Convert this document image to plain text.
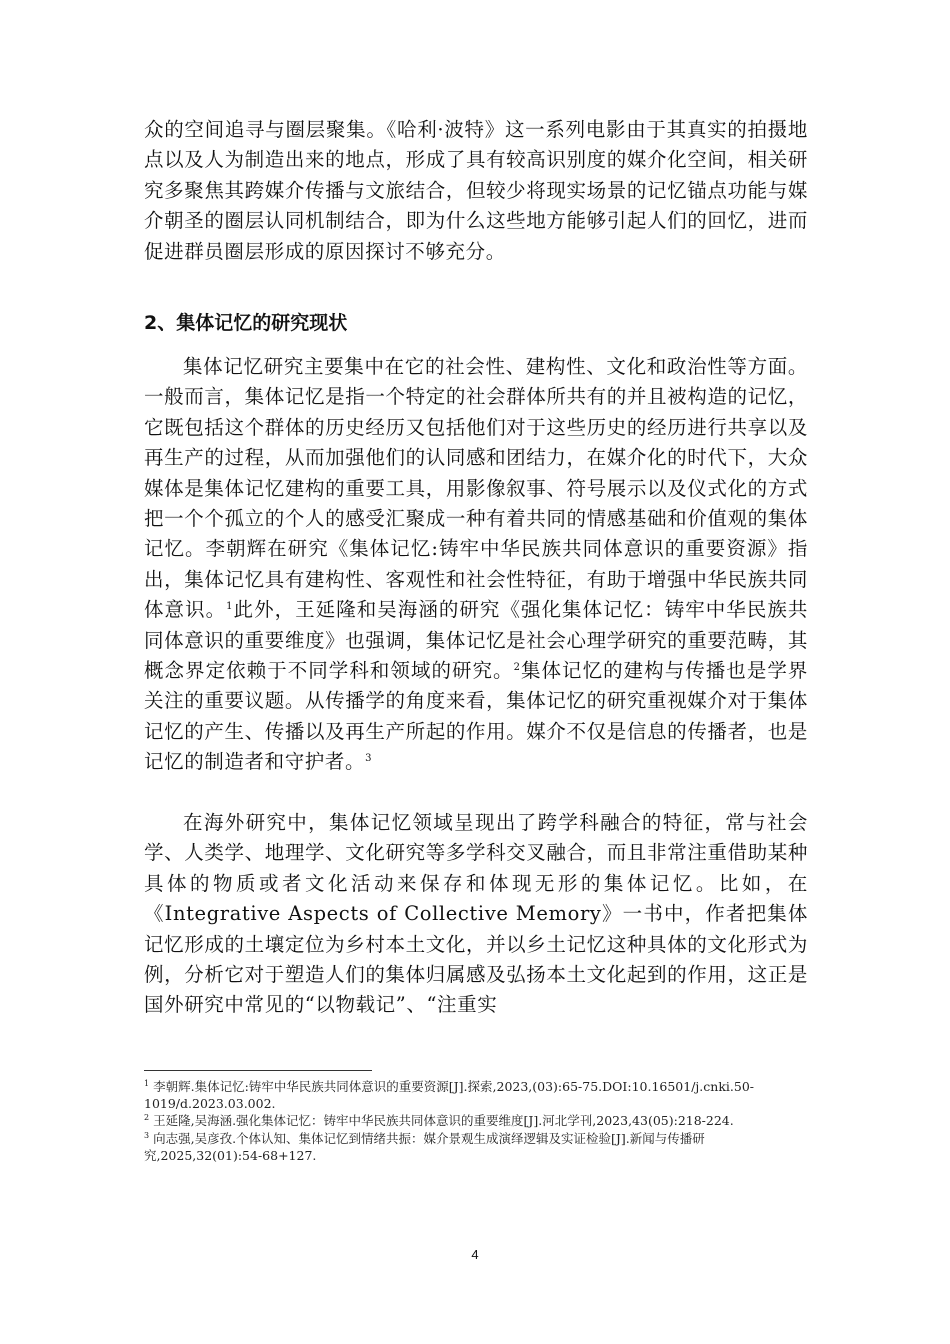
众的空间追寻与圈层聚集。《哈利·波特》这一系列电影由于其真实的拍摄地点以及人为制造出来的地点，形成了具有较高识别度的媒介化空间，相关研究多聚焦其跨媒介传播与文旅结合，但较少将现实场景的记忆锚点功能与媒介朝圣的圈层认同机制结合，即为什么这些地方能够引起人们的回忆，进而促进群员圈层形成的原因探讨不够充分。

2、集体记忆的研究现状

集体记忆研究主要集中在它的社会性、建构性、文化和政治性等方面。一般而言，集体记忆是指一个特定的社会群体所共有的并且被构造的记忆，它既包括这个群体的历史经历又包括他们对于这些历史的经历进行共享以及再生产的过程，从而加强他们的认同感和团结力，在媒介化的时代下，大众媒体是集体记忆建构的重要工具，用影像叙事、符号展示以及仪式化的方式把一个个孤立的个人的感受汇聚成一种有着共同的情感基础和价值观的集体记忆。李朝辉在研究《集体记忆:铸牢中华民族共同体意识的重要资源》指出，集体记忆具有建构性、客观性和社会性特征，有助于增强中华民族共同体意识。$^1$此外，王延隆和吴海涵的研究《强化集体记忆：铸牢中华民族共同体意识的重要维度》也强调，集体记忆是社会心理学研究的重要范畴，其概念界定依赖于不同学科和领域的研究。$^2$集体记忆的建构与传播也是学界关注的重要议题。从传播学的角度来看，集体记忆的研究重视媒介对于集体记忆的产生、传播以及再生产所起的作用。媒介不仅是信息的传播者，也是记忆的制造者和守护者。$^3$

在海外研究中，集体记忆领域呈现出了跨学科融合的特征，常与社会学、人类学、地理学、文化研究等多学科交叉融合，而且非常注重借助某种具体的物质或者文化活动来保存和体现无形的集体记忆。比如，在《Integrative Aspects of Collective Memory》一书中，作者把集体记忆形成的土壤定位为乡村本土文化，并以乡土记忆这种具体的文化形式为例，分析它对于塑造人们的集体归属感及弘扬本土文化起到的作用，这正是国外研究中常见的“以物载记”、“注重实

$^1$ 李朝辉.集体记忆:铸牢中华民族共同体意识的重要资源[J].探索,2023,(03):65-75.DOI:10.16501/j.cnki.50-1019/d.2023.03.002.

$^2$ 王延隆,吴海涵.强化集体记忆：铸牢中华民族共同体意识的重要维度[J].河北学刊,2023,43(05):218-224.

$^3$ 向志强,吴彦孜.个体认知、集体记忆到情绪共振：媒介景观生成演绎逻辑及实证检验[J].新闻与传播研究,2025,32(01):54-68+127.

4
